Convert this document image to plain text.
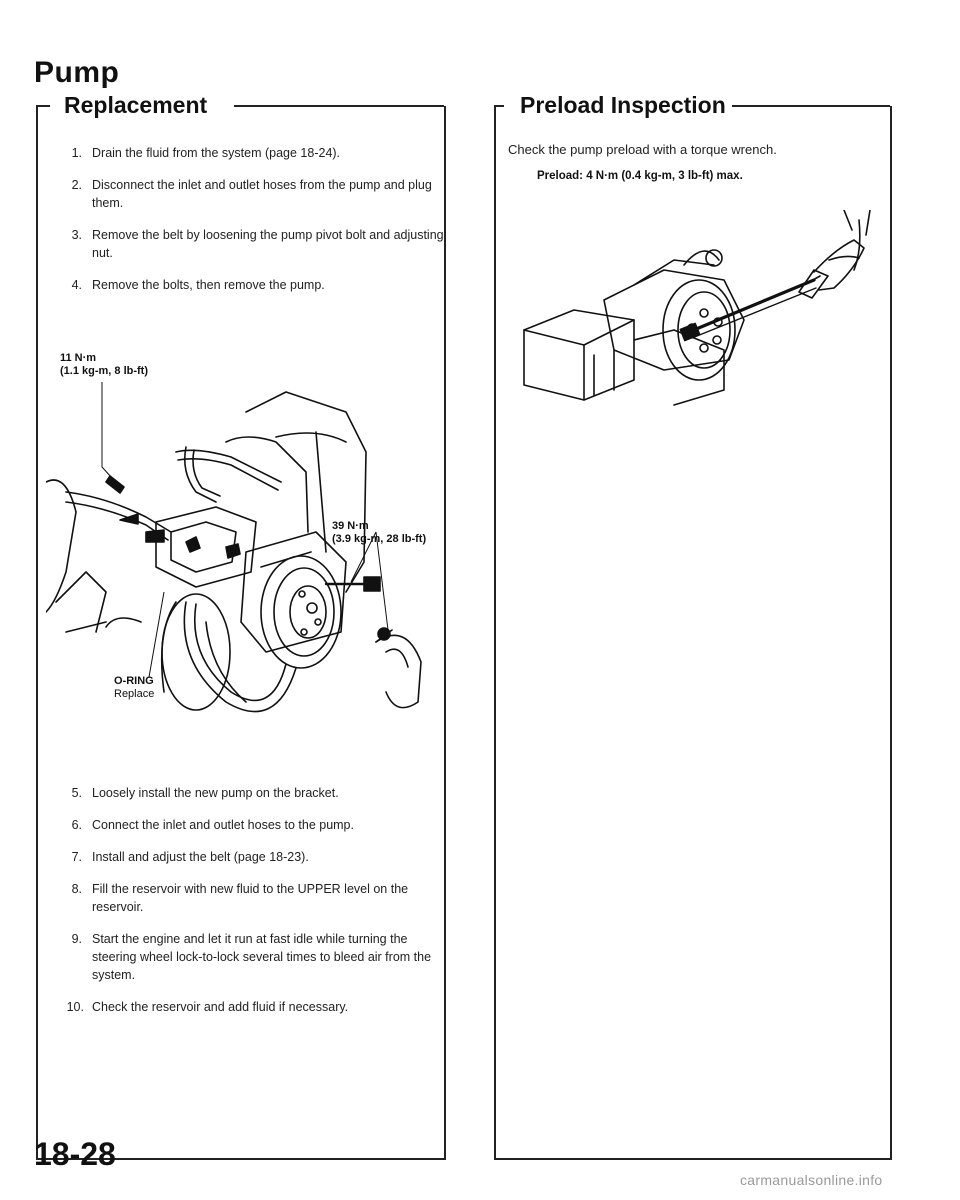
Pump
Replacement
1 .	Drain the fluid from the system (page 18-24).
2 .	Disconnect the inlet and outlet hoses from the pump and plug them.
3 .	Remove the belt by loosening the pump pivot bolt and adjusting nut.
4 .	Remove the bolts, then remove the pump.
11 N·m
(1.1 kg-m, 8 lb-ft)
39 N·m
(3.9 kg-m, 28 lb-ft)
O-RING
Replace
5 .	Loosely install the new pump on the bracket.
6 .	Connect the inlet and outlet hoses to the pump.
7 .	Install and adjust the belt (page 18-23).
8 .	Fill the reservoir with new fluid to the UPPER level on the reservoir.
9 .	Start the engine and let it run at fast idle while turning the steering wheel lock-to-lock several times to bleed air from the system.
10 . Check the reservoir and add fluid if necessary.
Preload Inspection
Check the pump preload with a torque wrench.
Preload: 4 N·m (0.4 kg-m, 3 lb-ft) max.
18-28
carmanualsonline.info
